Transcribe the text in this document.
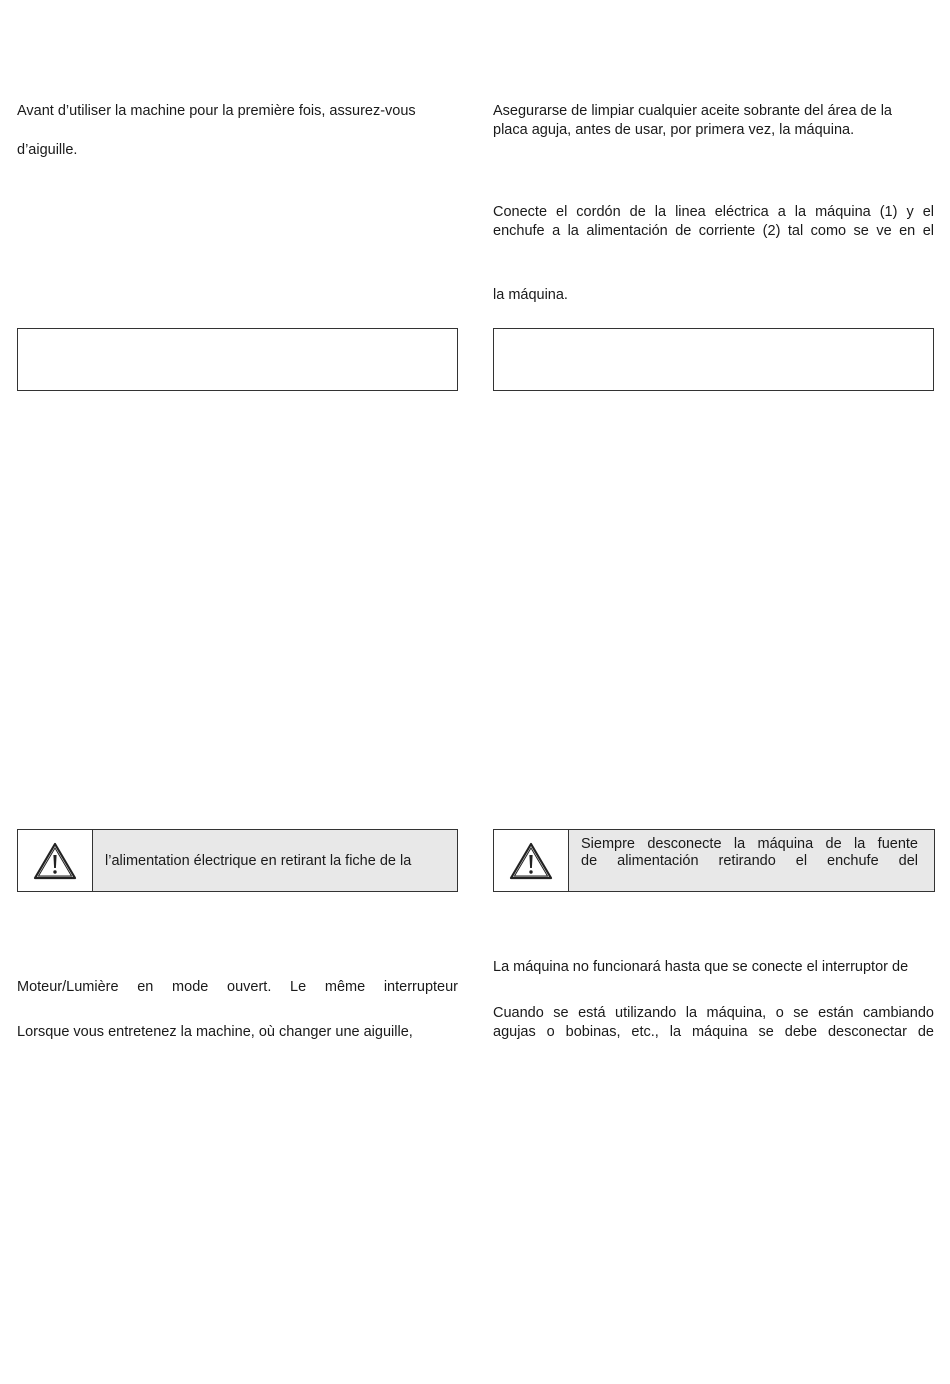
Avant d’utiliser la machine pour la première fois, assurez-vous
d’aiguille.
l’alimentation électrique en retirant la fiche de la
Moteur/Lumière en mode ouvert. Le même interrupteur
Lorsque vous entretenez la machine, où changer une aiguille,
Asegurarse de limpiar cualquier aceite sobrante del área de la
placa aguja, antes de usar, por primera vez, la máquina.
Conecte el cordón de la linea eléctrica a la máquina (1) y el
enchufe a la alimentación de corriente (2) tal como se ve en el
la máquina.
Siempre desconecte la máquina de la fuente
de alimentación retirando el enchufe del
La máquina no funcionará hasta que se conecte el interruptor de
Cuando se está utilizando la máquina, o se están cambiando
agujas o bobinas, etc., la máquina se debe desconectar de
